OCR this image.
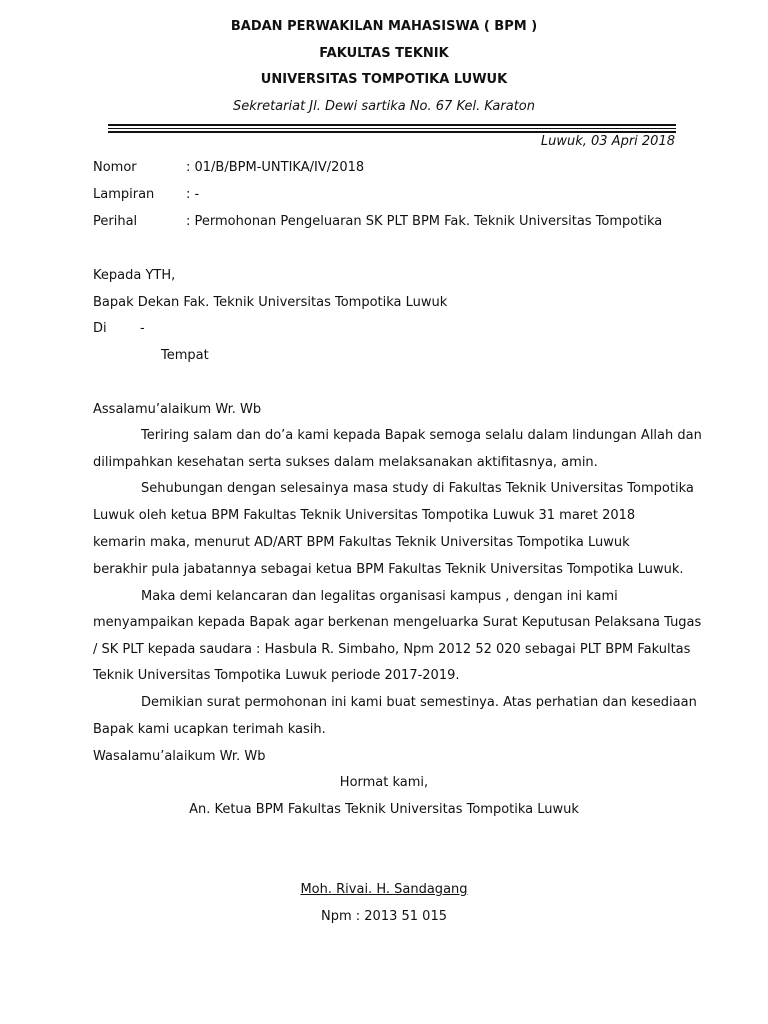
BADAN PERWAKILAN MAHASISWA ( BPM )
FAKULTAS TEKNIK
UNIVERSITAS TOMPOTIKA LUWUK
Sekretariat Jl. Dewi sartika No. 67 Kel. Karaton
Luwuk, 03 Apri 2018
Nomor	: 01/B/BPM-UNTIKA/IV/2018
Lampiran : -
Perihal	: Permohonan Pengeluaran SK PLT BPM Fak. Teknik Universitas Tompotika
Kepada YTH,
Bapak Dekan Fak. Teknik Universitas Tompotika Luwuk
Di	-
Tempat
Assalamu’alaikum Wr. Wb
Teriring salam dan do’a kami kepada Bapak semoga selalu dalam lindungan Allah dan
dilimpahkan kesehatan serta sukses dalam melaksanakan aktifitasnya, amin.
Sehubungan dengan selesainya masa study di Fakultas Teknik Universitas Tompotika
Luwuk oleh ketua BPM Fakultas Teknik Universitas Tompotika Luwuk 31 maret 2018
kemarin maka, menurut AD/ART BPM Fakultas Teknik Universitas Tompotika Luwuk
berakhir pula jabatannya sebagai ketua BPM Fakultas Teknik Universitas Tompotika Luwuk.
Maka demi kelancaran dan legalitas organisasi kampus , dengan ini kami
menyampaikan kepada Bapak agar berkenan mengeluarka Surat Keputusan Pelaksana Tugas
/ SK PLT kepada saudara : Hasbula R. Simbaho, Npm 2012 52 020 sebagai PLT BPM Fakultas
Teknik Universitas Tompotika Luwuk periode 2017-2019.
Demikian surat permohonan ini kami buat semestinya. Atas perhatian dan kesediaan
Bapak kami ucapkan terimah kasih.
Wasalamu’alaikum Wr. Wb
Hormat kami,
An. Ketua BPM Fakultas Teknik Universitas Tompotika Luwuk
Moh. Rivai. H. Sandagang
Npm : 2013 51 015
